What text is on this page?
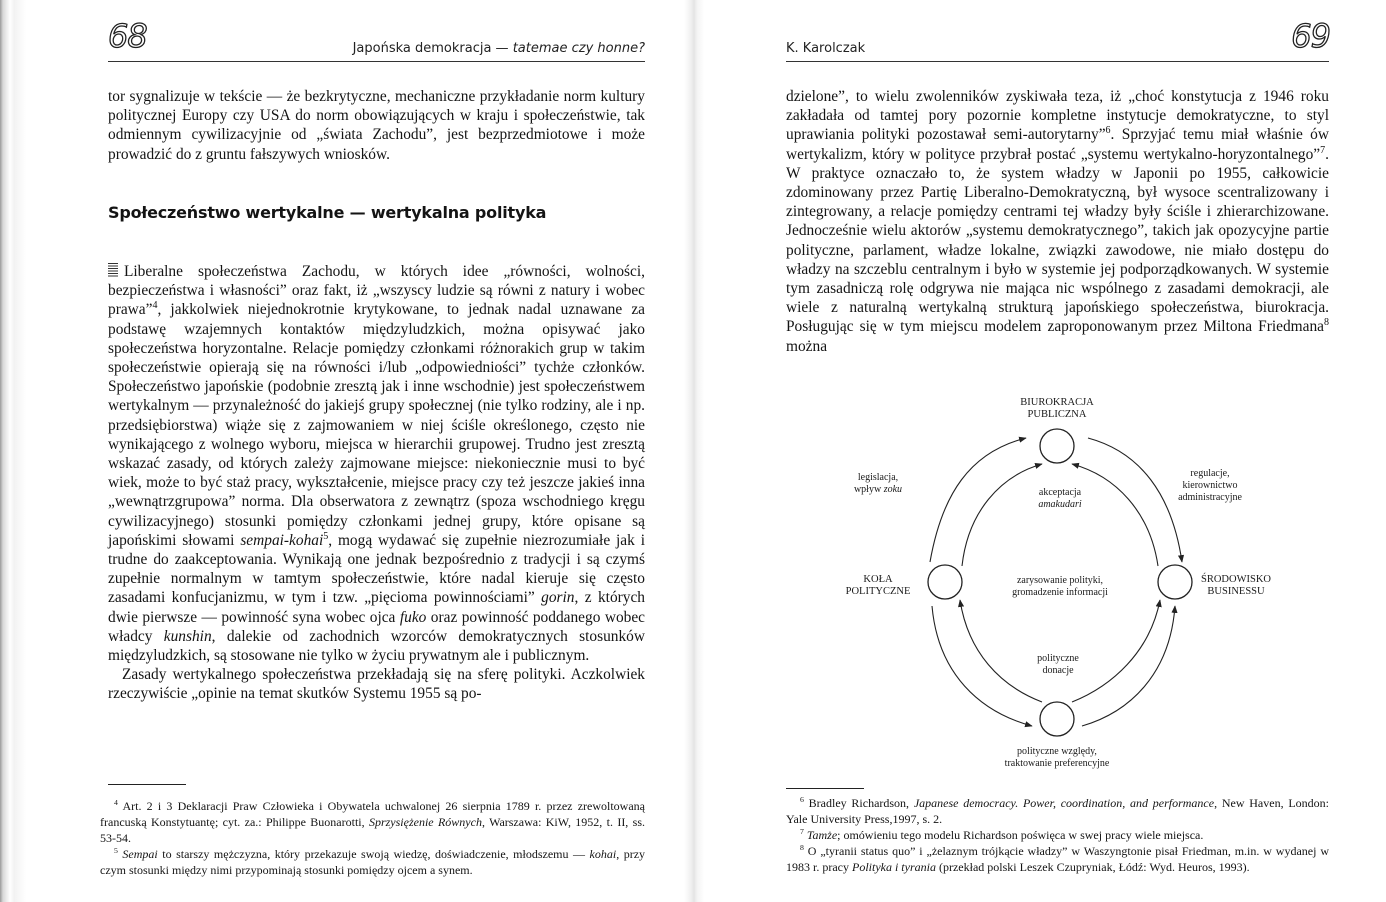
68	Japońska demokracja — tatemae czy honne?

tor sygnalizuje w tekście — że bezkrytyczne, mechaniczne przykładanie norm kultury politycznej Europy czy USA do norm obowiązujących w kraju i społeczeństwie, tak odmiennym cywilizacyjnie od „świata Zachodu”, jest bezprzedmiotowe i może prowadzić do z gruntu fałszywych wniosków.

Społeczeństwo wertykalne — wertykalna polityka

Liberalne społeczeństwa Zachodu, w których idee „równości, wolności, bezpieczeństwa i własności” oraz fakt, iż „wszyscy ludzie są równi z natury i wobec prawa”$^4$, jakkolwiek niejednokrotnie krytykowane, to jednak nadal uznawane za podstawę wzajemnych kontaktów międzyludzkich, można opisywać jako społeczeństwa horyzontalne. Relacje pomiędzy członkami różnorakich grup w takim społeczeństwie opierają się na równości i/lub „odpowiedniości” tychże członków. Społeczeństwo japońskie (podobnie zresztą jak i inne wschodnie) jest społeczeństwem wertykalnym — przynależność do jakiejś grupy społecznej (nie tylko rodziny, ale i np. przedsiębiorstwa) wiąże się z zajmowaniem w niej ściśle określonego, często nie wynikającego z wolnego wyboru, miejsca w hierarchii grupowej. Trudno jest zresztą wskazać zasady, od których zależy zajmowane miejsce: niekoniecznie musi to być wiek, może to być staż pracy, wykształcenie, miejsce pracy czy też jeszcze jakieś inna „wewnątrzgrupowa” norma. Dla obserwatora z zewnątrz (spoza wschodniego kręgu cywilizacyjnego) stosunki pomiędzy członkami jednej grupy, które opisane są japońskimi słowami sempai-kohai$^5$, mogą wydawać się zupełnie niezrozumiałe jak i trudne do zaakceptowania. Wynikają one jednak bezpośrednio z tradycji i są czymś zupełnie normalnym w tamtym społeczeństwie, które nadal kieruje się często zasadami konfucjanizmu, w tym i tzw. „pięcioma powinnościami” gorin, z których dwie pierwsze — powinność syna wobec ojca fuko oraz powinność poddanego wobec władcy kunshin, dalekie od zachodnich wzorców demokratycznych stosunków międzyludzkich, są stosowane nie tylko w życiu prywatnym ale i publicznym.

Zasady wertykalnego społeczeństwa przekładają się na sferę polityki. Aczkolwiek rzeczywiście „opinie na temat skutków Systemu 1955 są po-

$^4$ Art. 2 i 3 Deklaracji Praw Człowieka i Obywatela uchwalonej 26 sierpnia 1789 r. przez zrewoltowaną francuską Konstytuantę; cyt. za.: Philippe Buonarotti, Sprzysiężenie Równych, Warszawa: KiW, 1952, t. II, ss. 53-54.

$^5$ Sempai to starszy mężczyzna, który przekazuje swoją wiedzę, doświadczenie, młodszemu — kohai, przy czym stosunki między nimi przypominają stosunki pomiędzy ojcem a synem.

K. Karolczak	69

dzielone”, to wielu zwolenników zyskiwała teza, iż „choć konstytucja z 1946 roku zakładała od tamtej pory pozornie kompletne instytucje demokratyczne, to styl uprawiania polityki pozostawał semi-autorytarny”$^6$. Sprzyjać temu miał właśnie ów wertykalizm, który w polityce przybrał postać „systemu wertykalno-horyzontalnego”$^7$. W praktyce oznaczało to, że system władzy w Japonii po 1955, całkowicie zdominowany przez Partię Liberalno-Demokratyczną, był wysoce scentralizowany i zintegrowany, a relacje pomiędzy centrami tej władzy były ściśle i zhierarchizowane. Jednocześnie wielu aktorów „systemu demokratycznego”, takich jak opozycyjne partie polityczne, parlament, władze lokalne, związki zawodowe, nie miało dostępu do władzy na szczeblu centralnym i było w systemie jej podporządkowanych. W systemie tym zasadniczą rolę odgrywa nie mająca nic wspólnego z zasadami demokracji, ale wiele z naturalną wertykalną strukturą japońskiego społeczeństwa, biurokracja. Posługując się w tym miejscu modelem zaproponowanym przez Miltona Friedmana$^8$ można

$^6$ Bradley Richardson, Japanese democracy. Power, coordination, and performance, New Haven, London: Yale University Press,1997, s. 2.

$^7$ Tamże; omówieniu tego modelu Richardson poświęca w swej pracy wiele miejsca.

$^8$ O „tyranii status quo” i „żelaznym trójkącie władzy” w Waszyngtonie pisał Friedman, m.in. w wydanej w 1983 r. pracy Polityka i tyrania (przekład polski Leszek Czupryniak, Łódź: Wyd. Heuros, 1993).

BIUROKRACJA
PUBLICZNA
legislacja,
wpływ zoku
regulacje,
kierownictwo
administracyjne
akceptacja
amakudari
KOŁA
POLITYCZNE
ŚRODOWISKO
BUSINESSU
zarysowanie polityki,
gromadzenie informacji
polityczne
donacje
polityczne względy,
traktowanie preferencyjne
